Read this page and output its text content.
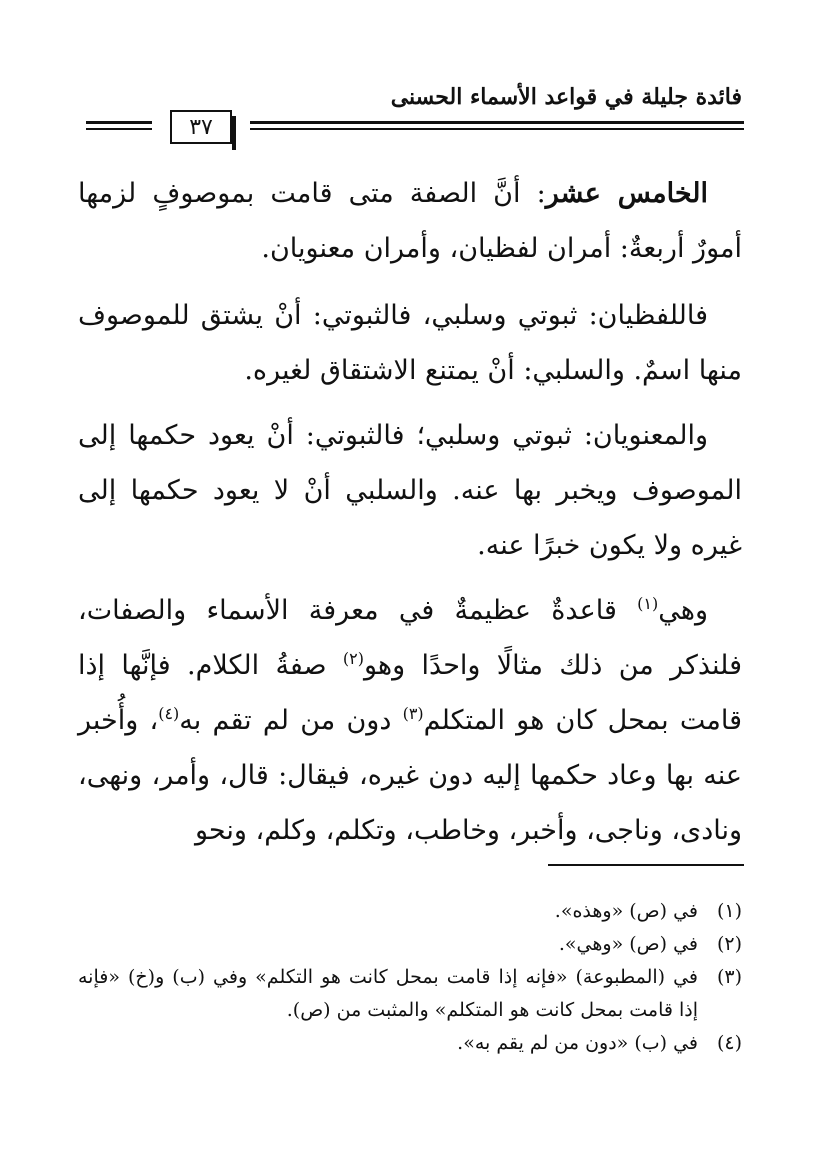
فائدة جليلة في قواعد الأسماء الحسنى
٣٧

الخامس عشر: أنَّ الصفة متى قامت بموصوفٍ لزمها أمورٌ أربعةٌ: أمران لفظيان، وأمران معنويان.

فاللفظيان: ثبوتي وسلبي، فالثبوتي: أنْ يشتق للموصوف منها اسمٌ. والسلبي: أنْ يمتنع الاشتقاق لغيره.

والمعنويان: ثبوتي وسلبي؛ فالثبوتي: أنْ يعود حكمها إلى الموصوف ويخبر بها عنه. والسلبي أنْ لا يعود حكمها إلى غيره ولا يكون خبرًا عنه.

وهي$^{(١)}$ قاعدةٌ عظيمةٌ في معرفة الأسماء والصفات، فلنذكر من ذلك مثالًا واحدًا وهو$^{(٢)}$ صفةُ الكلام. فإنَّها إذا قامت بمحل كان هو المتكلم$^{(٣)}$ دون من لم تقم به$^{(٤)}$، وأُخبر عنه بها وعاد حكمها إليه دون غيره، فيقال: قال، وأمر، ونهى، ونادى، وناجى، وأخبر، وخاطب، وتكلم، وكلم، ونحو

(١)
في (ص) «وهذه».
(٢)
في (ص) «وهي».
(٣)
في (المطبوعة) «فإنه إذا قامت بمحل كانت هو التكلم» وفي (ب) و(خ) «فإنه إذا قامت بمحل كانت هو المتكلم» والمثبت من (ص).
(٤)
في (ب) «دون من لم يقم به».
